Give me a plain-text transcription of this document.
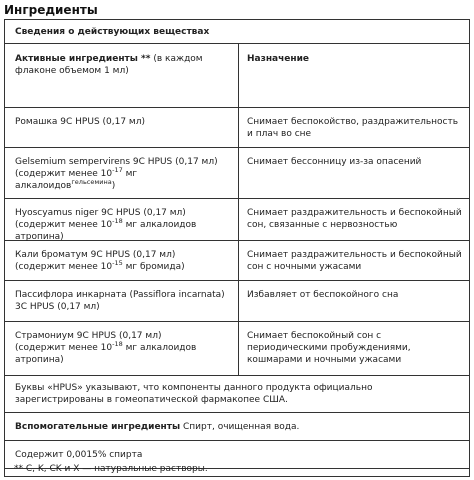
Ингредиенты
Сведения о действующих веществах
Активные ингредиенты ** (в каждом флаконе объемом 1 мл)
Назначение
Ромашка 9С HPUS (0,17 мл)	Снимает беспокойство, раздражительность и плач во сне
Gelsemium sempervirens 9C HPUS (0,17 мл)
(содержит менее $10^{-17}$ мг алкалоидов$^{гельсемина}$)
Снимает бессонницу из-за опасений
Hyoscyamus niger 9C HPUS (0,17 мл)
(содержит менее $10^{-18}$ мг алкалоидов атропина)
Снимает раздражительность и беспокойный сон, связанные с нервозностью
Кали броматум 9С HPUS (0,17 мл)
(содержит менее $10^{-15}$ мг бромида)
Снимает раздражительность и беспокойный сон с ночными ужасами
Пассифлора инкарната (Passiflora incarnata) 3C HPUS (0,17 мл)
Избавляет от беспокойного сна
Страмониум 9С HPUS (0,17 мл)
(содержит менее $10^{-18}$ мг алкалоидов атропина)
Снимает беспокойный сон с периодическими пробуждениями, кошмарами и ночными ужасами
Буквы «HPUS» указывают, что компоненты данного продукта официально зарегистрированы в гомеопатической фармакопее США.
Вспомогательные ингредиенты Спирт, очищенная вода.
Содержит 0,0015% спирта
** C, K, CK и X — натуральные растворы.
